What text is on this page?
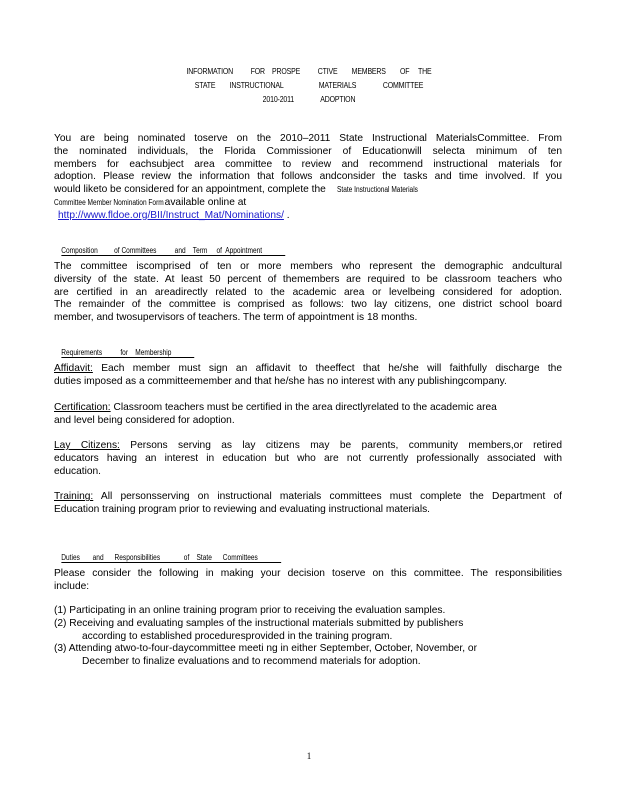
INFORMATION          FOR    PROSPE          CTIVE        MEMBERS        OF     THE
STATE        INSTRUCTIONAL                    MATERIALS               COMMITTEE
2010-2011               ADOPTION
You are being nominated toserve on the 2010–2011 State Instructional MaterialsCommittee. From
the nominated individuals, the Florida Commissioner of Educationwill selecta minimum of ten
members for eachsubject area committee to review and recommend instructional materials for
adoption. Please review the information that follows andconsider the tasks and time involved. If you
would liketo be considered for an appointment, complete the State Instructional Materials
Committee Member Nomination Form available online at
http://www.fldoe.org/BII/Instruct_Mat/Nominations/ .

Composition         of Committees          and    Term     of  Appointment

The committee iscomprised of ten or more members who represent the demographic andcultural
diversity of the state. At least 50 percent of themembers are required to be classroom teachers who
are certified in an areadirectly related to the academic area or levelbeing considered for adoption.
The remainder of the committee is comprised as follows: two lay citizens, one district school board
member, and twosupervisors of teachers. The term of appointment is 18 months.

Requirements          for    Membership

Affidavit: Each member must sign an affidavit to theeffect that he/she will faithfully discharge the
duties imposed as a committeemember and that he/she has no interest with any publishingcompany.
Certification: Classroom teachers must be certified in the area directlyrelated to the academic area
and level being considered for adoption.
Lay Citizens: Persons serving as lay citizens may be parents, community members,or retired
educators having an interest in education but who are not currently professionally associated with
education.
Training: All personsserving on instructional materials committees must complete the Department of
Education training program prior to reviewing and evaluating instructional materials.

Duties       and      Responsibilities             of    State      Committees

Please consider the following in making your decision toserve on this committee. The responsibilities
include:
(1) Participating in an online training program prior to receiving the evaluation samples.
(2) Receiving and evaluating samples of the instructional materials submitted by publishers
according to established proceduresprovided in the training program.
(3) Attending atwo-to-four-daycommittee meeti ng in either September, October, November, or
December to finalize evaluations and to recommend materials for adoption.
1
